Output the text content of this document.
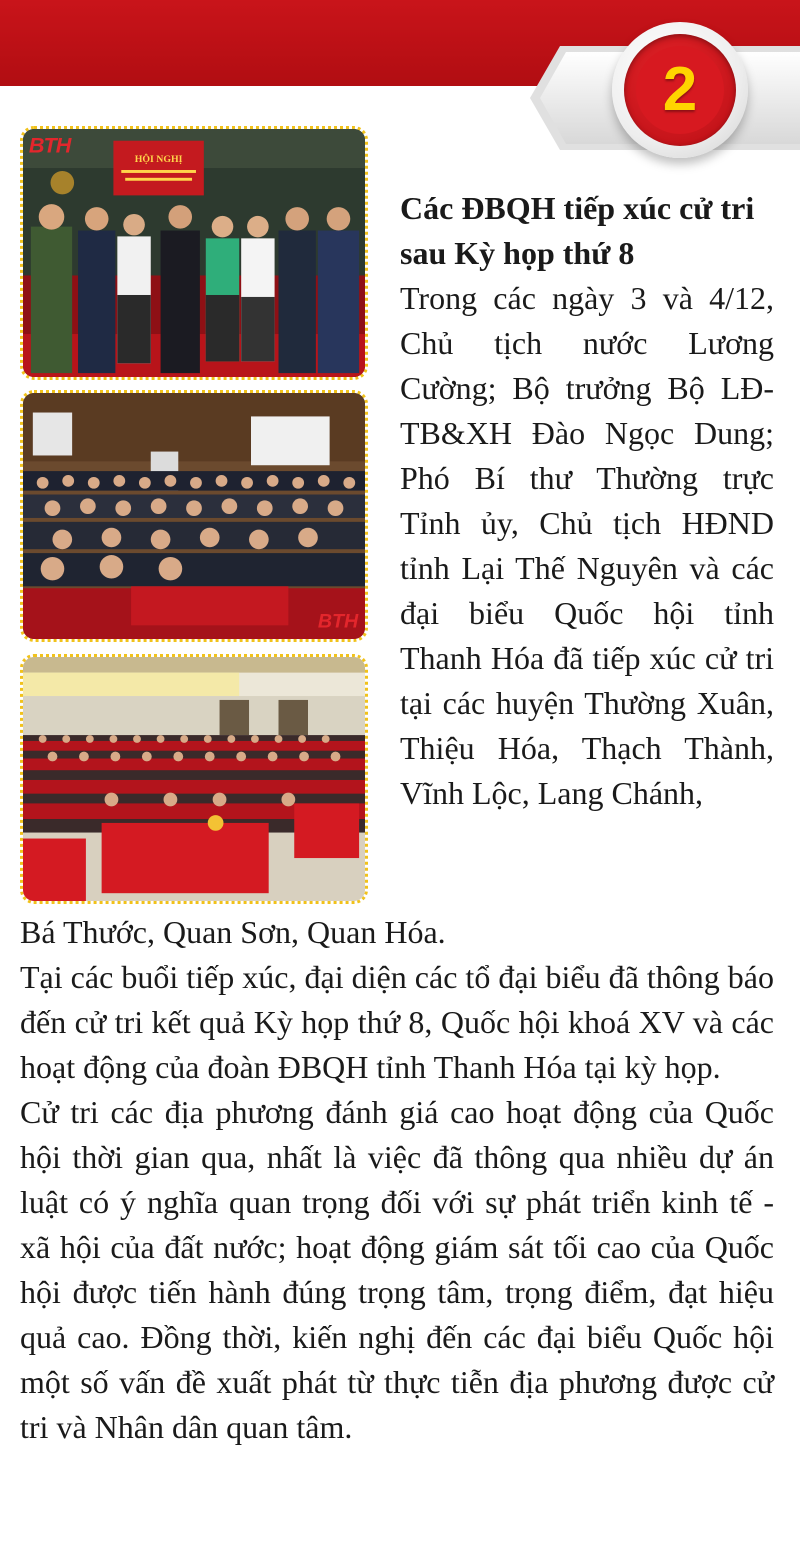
2
HỘI NGHỊ
BTH
BTH
Các ĐBQH tiếp xúc cử tri sau Kỳ họp thứ 8
Trong các ngày 3 và 4/12, Chủ tịch nước Lương Cường; Bộ trưởng Bộ LĐ-TB&XH Đào Ngọc Dung; Phó Bí thư Thường trực Tỉnh ủy, Chủ tịch HĐND tỉnh Lại Thế Nguyên và các đại biểu Quốc hội tỉnh Thanh Hóa đã tiếp xúc cử tri tại các huyện Thường Xuân, Thiệu Hóa, Thạch Thành, Vĩnh Lộc, Lang Chánh,

Bá Thước, Quan Sơn, Quan Hóa.

Tại các buổi tiếp xúc, đại diện các tổ đại biểu đã thông báo đến cử tri kết quả Kỳ họp thứ 8, Quốc hội khoá XV và các hoạt động của đoàn ĐBQH tỉnh Thanh Hóa tại kỳ họp.

Cử tri các địa phương đánh giá cao hoạt động của Quốc hội thời gian qua, nhất là việc đã thông qua nhiều dự án luật có ý nghĩa quan trọng đối với sự phát triển kinh tế - xã hội của đất nước; hoạt động giám sát tối cao của Quốc hội được tiến hành đúng trọng tâm, trọng điểm, đạt hiệu quả cao. Đồng thời, kiến nghị đến các đại biểu Quốc hội một số vấn đề xuất phát từ thực tiễn địa phương được cử tri và Nhân dân quan tâm.
